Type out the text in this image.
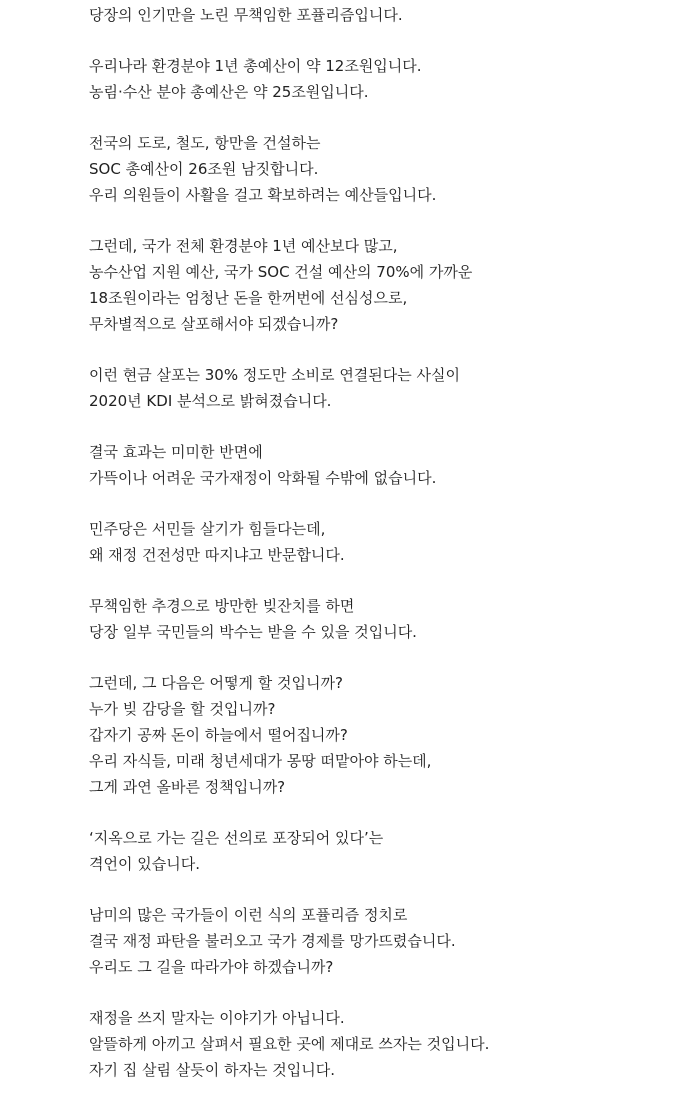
당장의 인기만을 노린 무책임한 포퓰리즘입니다.
우리나라 환경분야 1년 총예산이 약 12조원입니다.
농림·수산 분야 총예산은 약 25조원입니다.
전국의 도로, 철도, 항만을 건설하는
SOC 총예산이 26조원 남짓합니다.
우리 의원들이 사활을 걸고 확보하려는 예산들입니다.
그런데, 국가 전체 환경분야 1년 예산보다 많고,
농수산업 지원 예산, 국가 SOC 건설 예산의 70%에 가까운
18조원이라는 엄청난 돈을 한꺼번에 선심성으로,
무차별적으로 살포해서야 되겠습니까?
이런 현금 살포는 30% 정도만 소비로 연결된다는 사실이
2020년 KDI 분석으로 밝혀졌습니다.
결국 효과는 미미한 반면에
가뜩이나 어려운 국가재정이 악화될 수밖에 없습니다.
민주당은 서민들 살기가 힘들다는데,
왜 재정 건전성만 따지냐고 반문합니다.
무책임한 추경으로 방만한 빚잔치를 하면
당장 일부 국민들의 박수는 받을 수 있을 것입니다.
그런데, 그 다음은 어떻게 할 것입니까?
누가 빚 감당을 할 것입니까?
갑자기 공짜 돈이 하늘에서 떨어집니까?
우리 자식들, 미래 청년세대가 몽땅 떠맡아야 하는데,
그게 과연 올바른 정책입니까?
‘지옥으로 가는 길은 선의로 포장되어 있다’는
격언이 있습니다.
남미의 많은 국가들이 이런 식의 포퓰리즘 정치로
결국 재정 파탄을 불러오고 국가 경제를 망가뜨렸습니다.
우리도 그 길을 따라가야 하겠습니까?
재정을 쓰지 말자는 이야기가 아닙니다.
알뜰하게 아끼고 살펴서 필요한 곳에 제대로 쓰자는 것입니다.
자기 집 살림 살듯이 하자는 것입니다.
